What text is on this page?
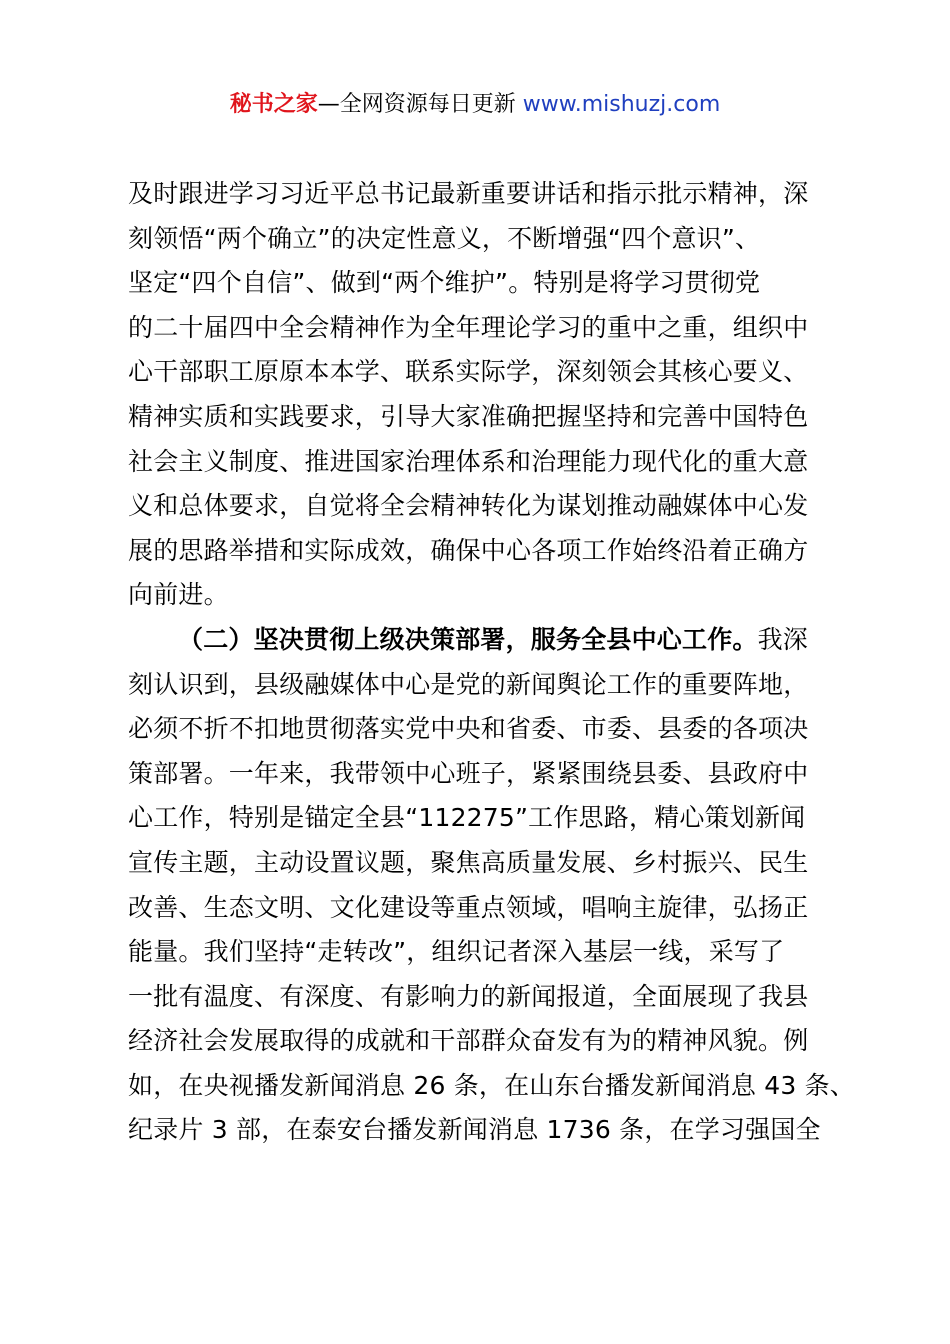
秘书之家—全网资源每日更新 www.mishuzj.com
及时跟进学习习近平总书记最新重要讲话和指示批示精神，深
刻领悟“两个确立”的决定性意义，不断增强“四个意识”、
坚定“四个自信”、做到“两个维护”。特别是将学习贯彻党
的二十届四中全会精神作为全年理论学习的重中之重，组织中
心干部职工原原本本学、联系实际学，深刻领会其核心要义、
精神实质和实践要求，引导大家准确把握坚持和完善中国特色
社会主义制度、推进国家治理体系和治理能力现代化的重大意
义和总体要求，自觉将全会精神转化为谋划推动融媒体中心发
展的思路举措和实际成效，确保中心各项工作始终沿着正确方
向前进。
（二）坚决贯彻上级决策部署，服务全县中心工作。我深
刻认识到，县级融媒体中心是党的新闻舆论工作的重要阵地，
必须不折不扣地贯彻落实党中央和省委、市委、县委的各项决
策部署。一年来，我带领中心班子，紧紧围绕县委、县政府中
心工作，特别是锚定全县“112275”工作思路，精心策划新闻
宣传主题，主动设置议题，聚焦高质量发展、乡村振兴、民生
改善、生态文明、文化建设等重点领域，唱响主旋律，弘扬正
能量。我们坚持“走转改”，组织记者深入基层一线，采写了
一批有温度、有深度、有影响力的新闻报道，全面展现了我县
经济社会发展取得的成就和干部群众奋发有为的精神风貌。例
如，在央视播发新闻消息 26 条，在山东台播发新闻消息 43 条、
纪录片 3 部，在泰安台播发新闻消息 1736 条，在学习强国全
